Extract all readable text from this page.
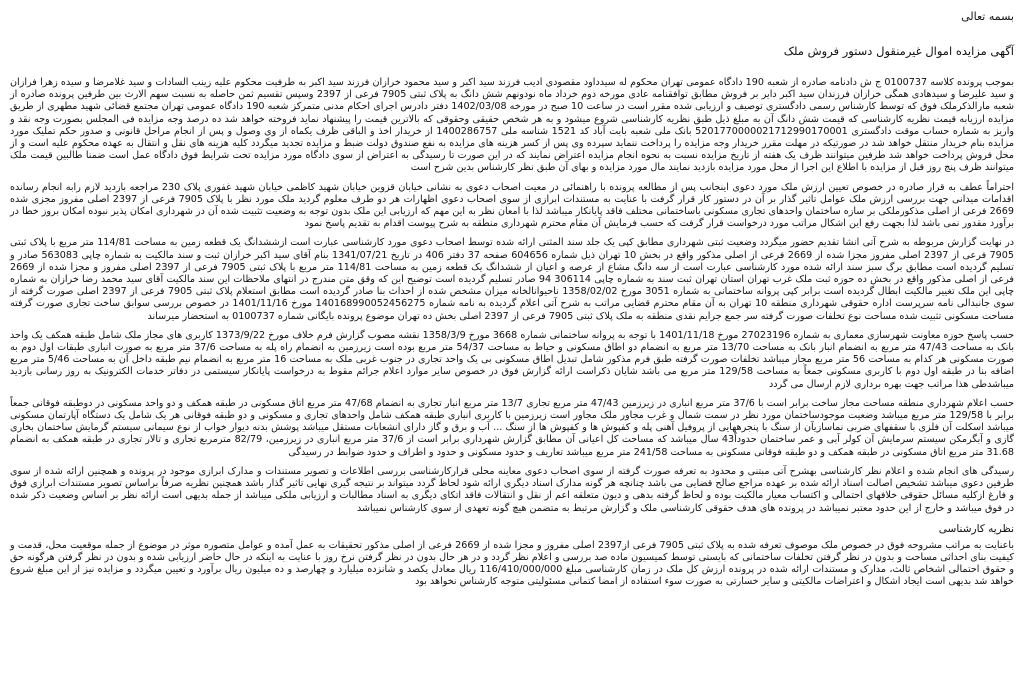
بسمه تعالی
آگهی مزایده اموال غیرمنقول دستور فروش ملک

بموجب پرونده کلاسه 0100737 ج ش دادنامه صادره از شعبه 190 دادگاه عمومی تهران محکوم له سیدداود مقصودی ادیب فرزند سید اکبر و سید محمود خرازان فرزند سید اکبر به طرفیت محکوم علیه زینب السادات و سید غلامرضا و سیده زهرا فرازان و سید علیرضا و سیدهادی همگی خرازان فرزندان سید اکبر دایر بر فروش مطابق توافقنامه عادی مورخه دوم خرداد ماه نودونهم شش دانگ به پلاک ثبتی 7905 فرعی از 2397 وسپس تقسیم ثمن حاصله به نسبت سهم الارث بین طرفین پرونده صادره از شعبه مارالذکرملک فوق که توسط کارشناس رسمی دادگستری توصیف و ارزیابی شده مقرر است در ساعت 10 صبح در مورخه 1402/03/08 دفتر دادرس اجرای احکام مدنی متمرکز شعبه 190 دادگاه عمومی تهران مجتمع قضائی شهید مطهری از طریق مزایده ارزیابه قیمت نظریه کارشناسی که قیمت شش دانگ آن به مبلغ ذیل طبق نظریه کارشناسی شروع میشود و به هر شخص حقیقی وحقوقی که بالاترین قیمت را پیشنهاد نماید فروخته خواهد شد ده درصد وجه مزایده فی المجلس بصورت وجه نقد و واریز به شماره حساب موقت دادگستری 5201770000021712990170001 بانک ملی شعبه بابت آباد کد 1521 شناسه ملی 1400286757 از خریدار اخذ و الباقی ظرف یکماه از وی وصول و پس از انجام مراحل قانونی و صدور حکم تملیک مورد مزایده بنام خریدار منتقل خواهد شد در صورتیکه در مهلت مقرر خریدار وجه مزایده را پرداخت ننماید سپرده وی پس از کسر هزینه های مزایده به نفع صندوق دولت ضبط و مزایده تجدید میگردد کلیه هزینه های نقل و انتقال به عهده محکوم علیه است و از محل فروش پرداخت خواهد شد طرفین میتوانند ظرف یک هفته از تاریخ مزایده نسبت به نحوه انجام مزایده اعتراض نمایند که در این صورت تا رسیدگی به اعتراض از سوی دادگاه مورد مزایده تحت شرایط فوق دادگاه عمل است ضمنا طالبین قیمت ملک میتوانند ظرف پنج روز قبل از مزایده با اطلاع این اجرا از محل مورد مزایده بازدید نمایند مال مورد مزایده و بهای آن طبق نظر کارشناس بدین شرح است

احتراماً عطف به قرار صادره در خصوص تعیین ارزش ملک مورد دعوی اینجانب پس از مطالعه پرونده با راهنمائی در معیت اصحاب دعوی به نشانی خیابان قزوین خیابان شهید کاظمی خیابان شهید غفوری پلاک 230 مراجعه بازدید لازم رابه انجام رسانده اقدامات میدانی جهت بررسی ارزش ملک عوامل تاثیر گذار بر آن در دستور کار قرار گرفت با عنایت به مستندات ابرازی از سوی اصحاب دعوی اظهارات هر دو طرف معلوم گردید ملک مورد نظر با پلاک 7905 فرعی از 2397 اصلی مفروز مجزی شده 2669 فرعی از اصلی مذکورملکی بر سازه ساختمان واحدهای تجاری مسکونی باساختمانی مختلف فاقد پایانکار میباشد لذا با امعان نظر به این مهم که ارزیابی این ملک بدون توجه به وضعیت تثبیت شده آن در شهرداری امکان پذیر نبوده امکان بروز خطا در برآورد مقدور نمی باشد لذا بجهت رفع این اشکال مراتب مورد درخواست قرار گرفت که حسب فرمایش آن مقام محترم شهرداری منطقه به شرح پیوست اقدام به تقدیم پاسخ نمود

در نهایت گزارش مربوطه به شرح آتی انشا تقدیم حضور میگردد وضعیت ثبتی شهرداری مطابق کپی یک جلد سند المثنی ارائه شده توسط اصحاب دعوی مورد کارشناسی عبارت است ازششدانگ یک قطعه زمین به مساحت 114/81 متر مربع با پلاک ثبتی 7905 فرعی از 2397 اصلی مفروز مجزا شده از 2669 فرعی از اصلی مذکور واقع در بخش 10 تهران ذیل شماره 604656 صفحه 37 دفتر 406 در تاریخ 1341/07/21 بنام آقای سید اکبر خرازان ثبت و سند مالکیت به شماره چاپی 563083 صادر و تسلیم گردیده است مطابق برگ سبز سند ارائه شده مورد کارشناسی عبارت است از سه دانگ مشاع از عرصه و اعیان از ششدانگ یک قطعه زمین به مساحت 114/81 متر مربع با پلاک ثبتی 7905 فرعی از 2397 اصلی مفروز و مجزا شده از 2669 فرعی از اصلی مذکور واقع در بخش ده حوزه ثبت ملک غرب تهران استان تهران ثبت سند به شماره چاپی 306114 94 صادر تسلیم گردیده است توضیح این که وقق متن مندرج در انتهای ملاحظات این سند مالکیت آقای سید محمد رضا خرازان به شماره چاپی این ملک تغییر مالکیت ابطال گردیده است برابر کپی پروانه ساختمانی به شماره 3051 مورخ 1358/02/02 ناحیوانالخانه میزان مشخص شده از احداث بنا صادر گردیده است مطابق استعلام پلاک ثبتی 7905 فرعی از 2397 اصلی صورت گرفته از سوی جانبدالی نامه سرپرست اداره حقوقی شهرداری منطقه 10 تهران به آن مقام محترم قضایی مراتب به شرح آتی اعلام گردیده به نامه شماره 140168990052456275 مورخ 1401/11/16 در خصوص بررسی سوابق ساخت تجاری صورت گرفته مساحت مسکونی تثبیت شده مساحت نوع تخلفات صورت گرفته سر جمع جرایم نقدی منطقه به ملک پلاک ثبتی 7905 فرعی از 2397 اصلی بخش ده تهران موضوع پرونده بایگانی شماره 0100737 به استحضار میرساند

حسب پاسخ حوزه معاونت شهرسازی معماری به شماره 27023196 مورخ 1401/11/18 با توجه به پروانه ساختمانی شماره 3668 مورخ 1358/3/9 نقشه مصوب گزارش فرم خلاف مورخ 1373/9/22 کاربری های مجاز ملک شامل طبقه همکف یک واحد بانک به مساحت 47/43 متر مربع به انضمام انبار بانک به مساحت 13/70 متر مربع به انضمام دو اطاق مسکونی و حیاط به مساحت 54/37 متر مربع بوده است زیرزمین به انضمام راه پله به مساحت 37/6 متر مربع به صورت انباری طبقات اول دوم به صورت مسکونی هر کدام به مساحت 56 متر مربع مجاز میباشد تخلفات صورت گرفته طبق فرم مذکور شامل تبدیل اطاق مسکونی بی یک واحد تجاری در جنوب غربی ملک به مساحت 16 متر مربع به انضمام نیم طبقه داخل آن به مساحت 5/46 متر مربع اضافه بنا در طبقه اول دوم با کاربری مسکونی جمعاً به مساحت 129/58 متر مربع می باشد شایان ذکراست ارائه گزارش فوق در خصوص سایر موارد اعلام جرائم مقوط به درخواست پایانکار سیستمی در دفاتر خدمات الکترونیک به روز رسانی بازدید میباشدطی هذا مراتب جهت بهره برداری لازم ارسال می گردد

حسب اعلام شهرداری منطقه مساحت مجاز ساخت برابر است با 37/6 متر مربع انباری در زیرزمین 47/43 متر مربع تجاری 13/7 متر مربع انبار تجاری به انضمام 47/68 متر مربع اتاق مسکونی در طبقه همکف و دو واحد مسکونی در دوطبقه فوقانی جمعاً برابر با 129/58 متر مربع میباشد وضعیت موجودساختمان مورد نظر در سمت شمال و غرب مجاور ملک مجاور است زیرزمین با کاربری انباری طبقه همکف شامل واحدهای تجاری و مسکونی و دو طبقه فوقانی هر یک شامل یک دستگاه آپارتمان مسکونی میباشد اسکلت آن فلزی با سقفهای ضربی نماسازیآن از سنگ با پنجرههایی از پروفیل آهنی پله و کفپوش ها و کفپوش ها از سنگ ... آب و برق و گاز دارای انشعابات مستقل میباشد پوشش بدنه دیوار خواب از نوع سیمانی سیستم گرمایش ساختمان بخاری گازی و آبگرمکن سیستم سرمایش آن کولر آبی و عمر ساختمان حدوداً43 سال میباشد که مساحت کل اعیانی آن مطابق گزارش شهرداری برابر است از 37/6 متر مربع انباری در زیرزمین، 82/79 مترمربع تجاری و تالار تجاری در طبقه همکف به انضمام 31.68 متر مربع اتاق مسکونی در طبقه همکف و دو طبقه فوقانی مسکونی به مساحت 241/58 متر مربع میباشد تعاریف و حدود مسکونی و حدود و اطراف و حدود ضوابط در رسیدگی

رسیدگی های انجام شده و اعلام نظر کارشناسی بهشرح آتی مبتنی و محدود به تعرفه صورت گرفته از سوی اصحاب دعوی معاینه محلی قرارکارشناسی بررسی اطلاعات و تصویر مستندات و مدارک ابرازی موجود در پرونده و همچنین ارائه شده از سوی طرفین دعوی میباشد تشخیص اصالت اسناد ارائه شده بر عهده مراجع صالح قضایی می باشد چنانچه هر گونه مدارک اسناد دیگری ارائه شود لحاظ گردد میتواند بر نتیجه گیری نهایی تاثیر گذار باشد همچنین نظریه صرفاً براساس تصویر مستندات ابرازی فوق و فارغ ازکلیه مسائل حقوقی خلافهای احتمالی و اکتساب معیار مالکیت بوده و لحاظ گرفته بدهی و دیون متعلقه اعم از نقل و انتقالات فاقد اتکای دیگری به اسناد مطالبات و ارزیابی ملکی میباشد از جمله بدیهی است ارائه نظر بر اساس وضعیت ذکر شده در فوق میباشد و خارج از این حدود معتبر نمیباشد در پرونده های هدف حقوقی کارشناسی ملک و گزارش مرتبط به متضمن هیچ گونه تعهدی از سوی کارشناس نمیباشد

نظریه کارشناسی

باعنایت به مراتب مشروحه فوق در خصوص ملک موصوف تعرفه شده به پلاک ثبتی 7905 فرعی از2397 اصلی مفروز و مجزا شده از 2669 فرعی از اصلی مذکور تحقیقات به عمل آمده و عوامل متصوره موثر در موضوع از جمله موقعیت محل، قدمت و کیفیت بنای احداثی مساحت و بدون در نظر گرفتن تخلفات ساختمانی که بایستی توسط کمیسیون ماده صد بررسی و اعلام نظر گردد و در هر حال بدون در نظر گرفتن نرخ روز با عنایت به اینکه در حال حاضر ارزیابی شده و بدون در نظر گرفتن هرگونه حق و حقوق احتمالی اشخاص ثالث، مدارک و مستندات ارائه شده در پرونده ارزش کل ملک در زمان کارشناسی مبلغ 116/410/000/000 ریال معادل یکصد و شانزده میلیارد و چهارصد و ده میلیون ریال برآورد و تعیین میگردد و مزایده نیز از این مبلغ شروع خواهد شد بدیهی است ایجاد اشکال و اعتراضات مالکیتی و سایر خسارتی به صورت سوء استفاده از امضا کتمانی مسئولیتی متوجه کارشناس نخواهد بود
